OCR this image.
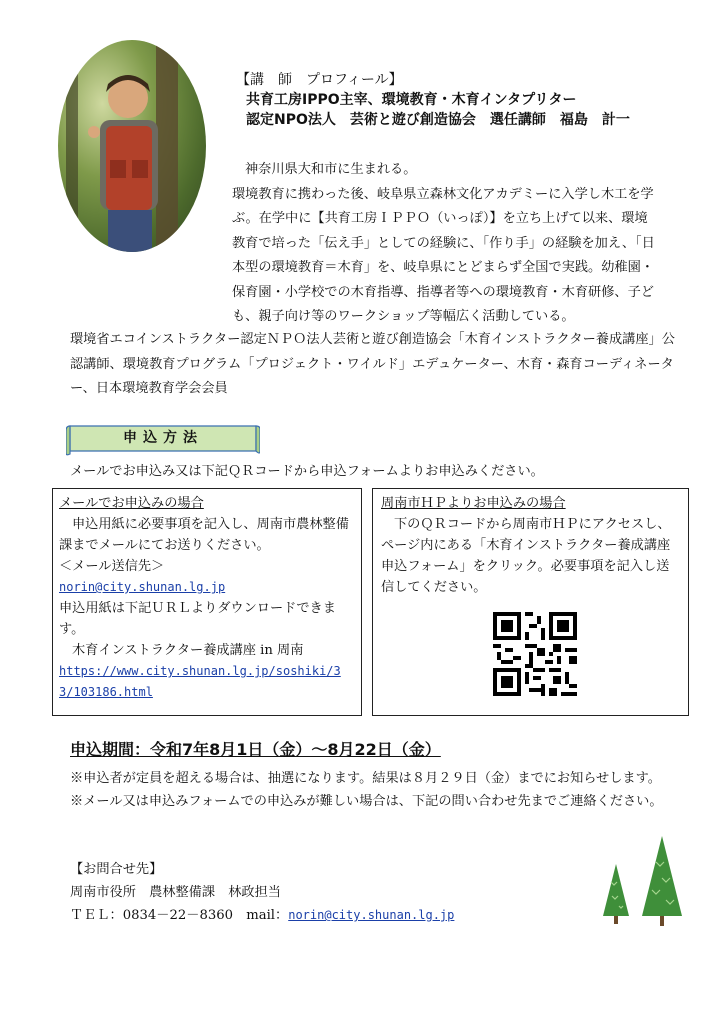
【講　師　プロフィール】
共育工房IPPO主宰、環境教育・木育インタプリター
認定NPO法人　芸術と遊び創造協会　選任講師　福島　計一

神奈川県大和市に生まれる。

環境教育に携わった後、岐阜県立森林文化アカデミーに入学し木工を学ぶ。在学中に【共育工房ＩＰＰＯ（いっぽ）】を立ち上げて以来、環境教育で培った「伝え手」としての経験に、「作り手」の経験を加え、「日本型の環境教育＝木育」を、岐阜県にとどまらず全国で実践。幼稚園・保育園・小学校での木育指導、指導者等への環境教育・木育研修、子ども、親子向け等のワークショップ等幅広く活動している。

環境省エコインストラクター認定ＮＰＯ法人芸術と遊び創造協会「木育インストラクター養成講座」公認講師、環境教育プログラム「プロジェクト・ワイルド」エデュケーター、木育・森育コーディネーター、日本環境教育学会会員
申込方法
メールでお申込み又は下記ＱＲコードから申込フォームよりお申込みください。
メールでお申込みの場合
申込用紙に必要事項を記入し、周南市農林整備課までメールにてお送りください。
＜メール送信先＞
norin@city.shunan.lg.jp
申込用紙は下記ＵＲＬよりダウンロードできます。
木育インストラクター養成講座 in 周南
https://www.city.shunan.lg.jp/soshiki/33/103186.html
周南市ＨＰよりお申込みの場合
下のＱＲコードから周南市ＨＰにアクセスし、ページ内にある「木育インストラクター養成講座申込フォーム」をクリック。必要事項を記入し送信してください。
申込期間：令和7年8月1日（金）～8月22日（金）
※申込者が定員を超える場合は、抽選になります。結果は８月２９日（金）までにお知らせします。
※メール又は申込みフォームでの申込みが難しい場合は、下記の問い合わせ先までご連絡ください。
【お問合せ先】
周南市役所　農林整備課　林政担当
ＴＥＬ：0834－22－8360　mail：norin@city.shunan.lg.jp
